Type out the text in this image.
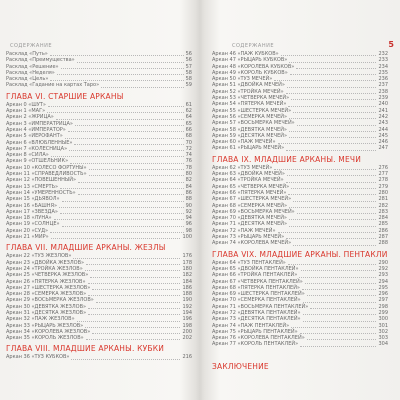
СОДЕРЖАНИЕ	СОДЕРЖАНИЕ	5
Расклад «Путь»	56
Расклад «Преимущества»	56
Расклад «Решение»	57
Расклад «Неделя»	58
Расклад «Цель»	58
Расклад «Гадание на картах Таро»	59
ГЛАВА VI. СТАРШИЕ АРКАНЫ
Аркан 0 «ШУТ»	61
Аркан 1 «МАГ»	62
Аркан 2 «ЖРИЦА»	64
Аркан 3 «ИМПЕРАТРИЦА»	65
Аркан 4 «ИМПЕРАТОР»	66
Аркан 5 «ИЕРОФАНТ»	68
Аркан 6 «ВЛЮБЛЕННЫЕ»	70
Аркан 7 «КОЛЕСНИЦА»	72
Аркан 8 «СИЛА»	74
Аркан 9 «ОТШЕЛЬНИК»	76
Аркан 10 «КОЛЕСО ФОРТУНЫ»	78
Аркан 11 «СПРАВЕДЛИВОСТЬ»	80
Аркан 12 «ПОВЕШЕННЫЙ»	82
Аркан 13 «СМЕРТЬ»	84
Аркан 14 «УМЕРЕННОСТЬ»	86
Аркан 15 «ДЬЯВОЛ»	88
Аркан 16 «БАШНЯ»	90
Аркан 17 «ЗВЕЗДА»	92
Аркан 18 «ЛУНА»	94
Аркан 19 «СОЛНЦЕ»	96
Аркан 20 «СУД»	98
Аркан 21 «МИР»	100
ГЛАВА VII. МЛАДШИЕ АРКАНЫ. ЖЕЗЛЫ
Аркан 22 «ТУЗ ЖЕЗЛОВ»	176
Аркан 23 «ДВОЙКА ЖЕЗЛОВ»	178
Аркан 24 «ТРОЙКА ЖЕЗЛОВ»	180
Аркан 25 «ЧЕТВЕРКА ЖЕЗЛОВ»	182
Аркан 26 «ПЯТЕРКА ЖЕЗЛОВ»	184
Аркан 27 «ШЕСТЕРКА ЖЕЗЛОВ»	186
Аркан 28 «СЕМЕРКА ЖЕЗЛОВ»	188
Аркан 29 «ВОСЬМЕРКА ЖЕЗЛОВ»	190
Аркан 30 «ДЕВЯТКА ЖЕЗЛОВ»	192
Аркан 31 «ДЕСЯТКА ЖЕЗЛОВ»	194
Аркан 32 «ПАЖ ЖЕЗЛОВ»	196
Аркан 33 «РЫЦАРЬ ЖЕЗЛОВ»	198
Аркан 34 «КОРОЛЕВА ЖЕЗЛОВ»	200
Аркан 35 «КОРОЛЬ ЖЕЗЛОВ»	202
ГЛАВА VIII. МЛАДШИЕ АРКАНЫ. КУБКИ
Аркан 36 «ТУЗ КУБКОВ»	216
Аркан 46 «ПАЖ КУБКОВ»	232
Аркан 47 «РЫЦАРЬ КУБКОВ»	233
Аркан 48 «КОРОЛЕВА КУБКОВ»	234
Аркан 49 «КОРОЛЬ КУБКОВ»	235
Аркан 50 «ТУЗ МЕЧЕЙ»	236
Аркан 51 «ДВОЙКА МЕЧЕЙ»	237
Аркан 52 «ТРОЙКА МЕЧЕЙ»	238
Аркан 53 «ЧЕТВЕРКА МЕЧЕЙ»	239
Аркан 54 «ПЯТЕРКА МЕЧЕЙ»	240
Аркан 55 «ШЕСТЕРКА МЕЧЕЙ»	241
Аркан 56 «СЕМЕРКА МЕЧЕЙ»	242
Аркан 57 «ВОСЬМЕРКА МЕЧЕЙ»	243
Аркан 58 «ДЕВЯТКА МЕЧЕЙ»	244
Аркан 59 «ДЕСЯТКА МЕЧЕЙ»	245
Аркан 60 «ПАЖ МЕЧЕЙ»	246
Аркан 61 «РЫЦАРЬ МЕЧЕЙ»	247
ГЛАВА IX. МЛАДШИЕ АРКАНЫ. МЕЧИ
Аркан 62 «ТУЗ МЕЧЕЙ»	276
Аркан 63 «ДВОЙКА МЕЧЕЙ»	277
Аркан 64 «ТРОЙКА МЕЧЕЙ»	278
Аркан 65 «ЧЕТВЕРКА МЕЧЕЙ»	279
Аркан 66 «ПЯТЕРКА МЕЧЕЙ»	280
Аркан 67 «ШЕСТЕРКА МЕЧЕЙ»	281
Аркан 68 «СЕМЕРКА МЕЧЕЙ»	282
Аркан 69 «ВОСЬМЕРКА МЕЧЕЙ»	283
Аркан 70 «ДЕВЯТКА МЕЧЕЙ»	284
Аркан 71 «ДЕСЯТКА МЕЧЕЙ»	285
Аркан 72 «ПАЖ МЕЧЕЙ»	286
Аркан 73 «РЫЦАРЬ МЕЧЕЙ»	287
Аркан 74 «КОРОЛЕВА МЕЧЕЙ»	288
ГЛАВА VIX. МЛАДШИЕ АРКАНЫ. ПЕНТАКЛИ
Аркан 64 «ТУЗ ПЕНТАКЛЕЙ»	290
Аркан 65 «ДВОЙКА ПЕНТАКЛЕЙ»	292
Аркан 66 «ТРОЙКА ПЕНТАКЛЕЙ»	293
Аркан 67 «ЧЕТВЕРКА ПЕНТАКЛЕЙ»	294
Аркан 68 «ПЯТЕРКА ПЕНТАКЛЕЙ»	295
Аркан 69 «ШЕСТЕРКА ПЕНТАКЛЕЙ»	296
Аркан 70 «СЕМЕРКА ПЕНТАКЛЕЙ»	297
Аркан 71 «ВОСЬМЕРКА ПЕНТАКЛЕЙ»	298
Аркан 72 «ДЕВЯТКА ПЕНТАКЛЕЙ»	299
Аркан 73 «ДЕСЯТКА ПЕНТАКЛЕЙ»	300
Аркан 74 «ПАЖ ПЕНТАКЛЕЙ»	301
Аркан 75 «РЫЦАРЬ ПЕНТАКЛЕЙ»	302
Аркан 76 «КОРОЛЕВА ПЕНТАКЛЕЙ»	303
Аркан 77 «КОРОЛЬ ПЕНТАКЛЕЙ»	304
ЗАКЛЮЧЕНИЕ
